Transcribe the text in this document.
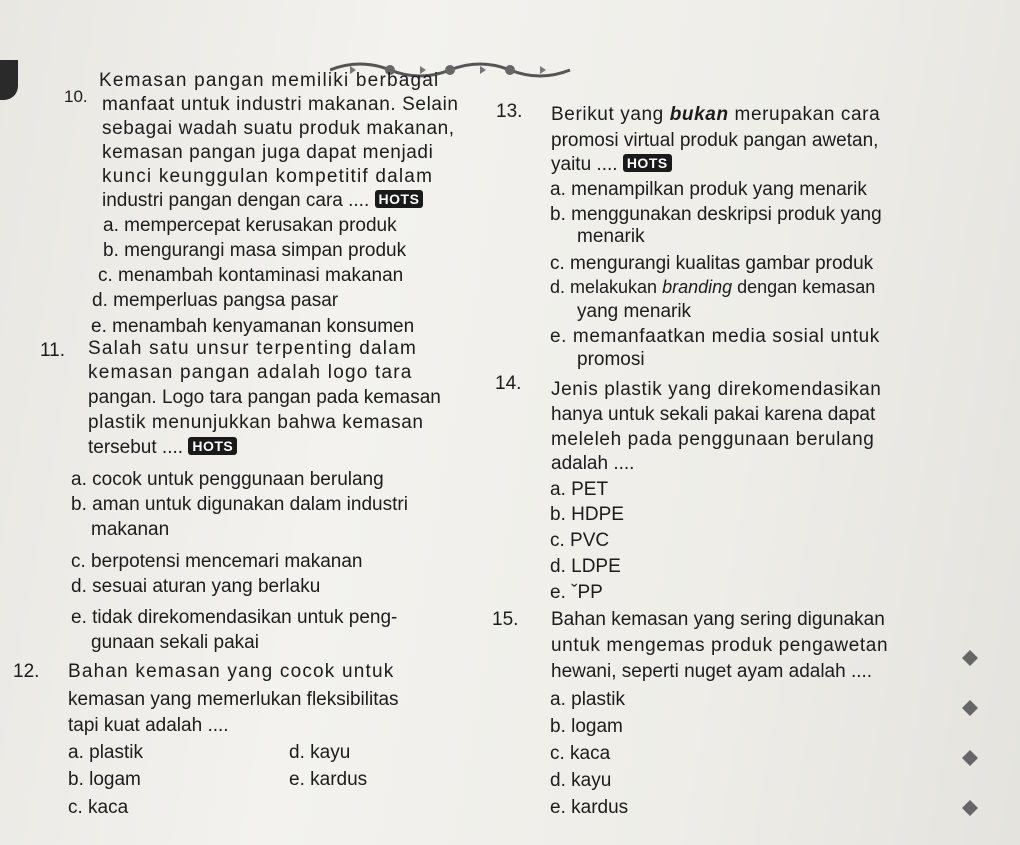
10.
Kemasan pangan memiliki berbagai
manfaat untuk industri makanan. Selain
sebagai wadah suatu produk makanan,
kemasan pangan juga dapat menjadi
kunci keunggulan kompetitif dalam
industri pangan dengan cara .... HOTS
a. mempercepat kerusakan produk
b. mengurangi masa simpan produk
c. menambah kontaminasi makanan
d. memperluas pangsa pasar
e. menambah kenyamanan konsumen
11. Salah satu unsur terpenting dalam
kemasan pangan adalah logo tara
pangan. Logo tara pangan pada kemasan
plastik menunjukkan bahwa kemasan
tersebut .... HOTS
a. cocok untuk penggunaan berulang
b. aman untuk digunakan dalam industri
makanan
c. berpotensi mencemari makanan
d. sesuai aturan yang berlaku
e. tidak direkomendasikan untuk peng-
gunaan sekali pakai
12. Bahan kemasan yang cocok untuk
kemasan yang memerlukan fleksibilitas
tapi kuat adalah ....
a. plastik
b. logam
c. kaca
d. kayu
e. kardus
13. Berikut yang bukan merupakan cara
promosi virtual produk pangan awetan,
yaitu .... HOTS
a. menampilkan produk yang menarik
b. menggunakan deskripsi produk yang
menarik
c. mengurangi kualitas gambar produk
d. melakukan branding dengan kemasan
yang menarik
e. memanfaatkan media sosial untuk
promosi
14. Jenis plastik yang direkomendasikan
hanya untuk sekali pakai karena dapat
meleleh pada penggunaan berulang
adalah ....
a. PET
b. HDPE
c. PVC
d. LDPE
e. ˇPP
15. Bahan kemasan yang sering digunakan
untuk mengemas produk pengawetan
hewani, seperti nuget ayam adalah ....
a. plastik
b. logam
c. kaca
d. kayu
e. kardus
